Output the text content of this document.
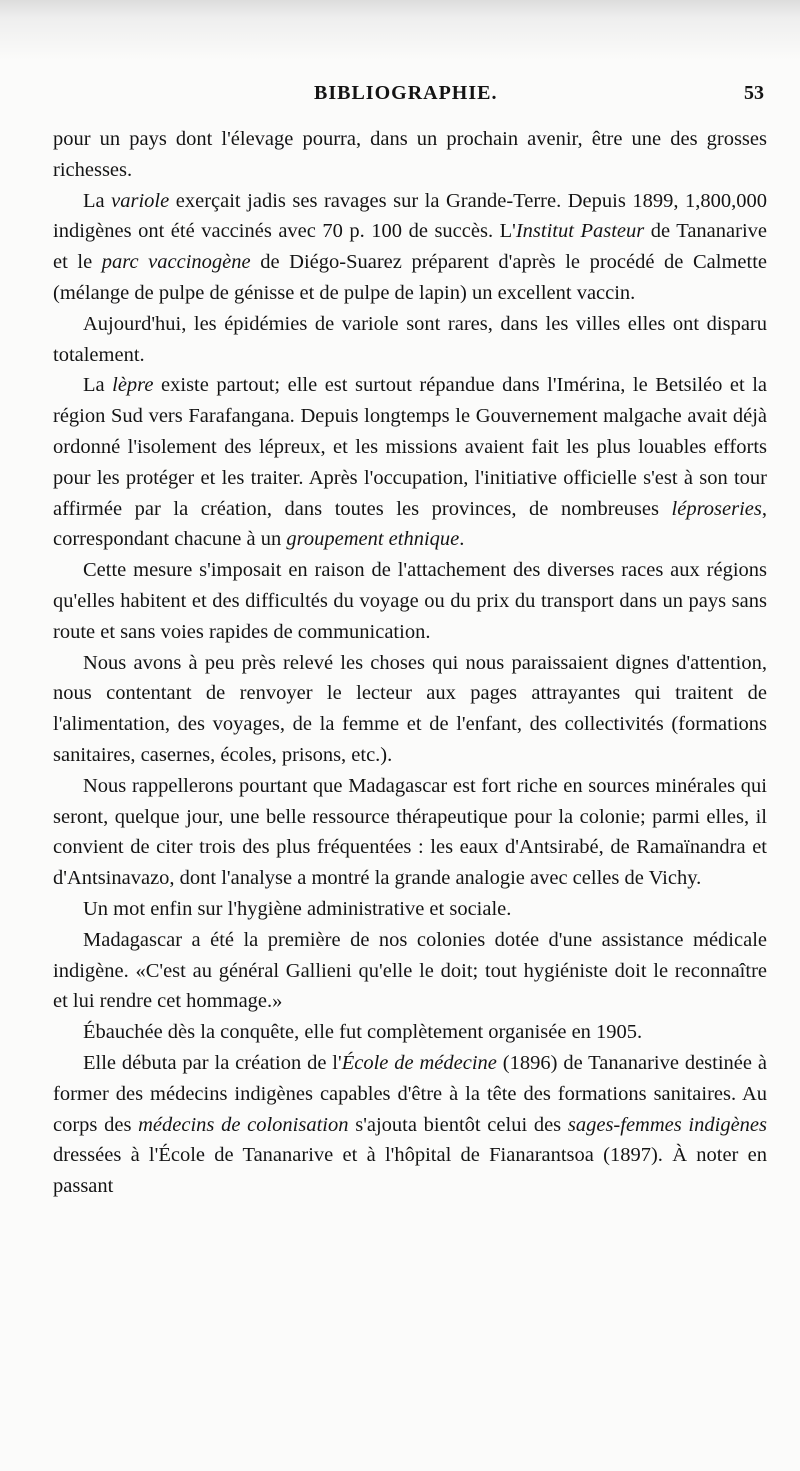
BIBLIOGRAPHIE.	53

pour un pays dont l'élevage pourra, dans un prochain avenir, être une des grosses richesses.

La variole exerçait jadis ses ravages sur la Grande-Terre. Depuis 1899, 1,800,000 indigènes ont été vaccinés avec 70 p. 100 de succès. L'Institut Pasteur de Tananarive et le parc vaccinogène de Diégo-Suarez préparent d'après le procédé de Calmette (mélange de pulpe de génisse et de pulpe de lapin) un excellent vaccin.

Aujourd'hui, les épidémies de variole sont rares, dans les villes elles ont disparu totalement.

La lèpre existe partout; elle est surtout répandue dans l'Imérina, le Betsiléo et la région Sud vers Farafangana. Depuis longtemps le Gouvernement malgache avait déjà ordonné l'isolement des lépreux, et les missions avaient fait les plus louables efforts pour les protéger et les traiter. Après l'occupation, l'initiative officielle s'est à son tour affirmée par la création, dans toutes les provinces, de nombreuses léproseries, correspondant chacune à un groupement ethnique.

Cette mesure s'imposait en raison de l'attachement des diverses races aux régions qu'elles habitent et des difficultés du voyage ou du prix du transport dans un pays sans route et sans voies rapides de communication.

Nous avons à peu près relevé les choses qui nous paraissaient dignes d'attention, nous contentant de renvoyer le lecteur aux pages attrayantes qui traitent de l'alimentation, des voyages, de la femme et de l'enfant, des collectivités (formations sanitaires, casernes, écoles, prisons, etc.).

Nous rappellerons pourtant que Madagascar est fort riche en sources minérales qui seront, quelque jour, une belle ressource thérapeutique pour la colonie; parmi elles, il convient de citer trois des plus fréquentées : les eaux d'Antsirabé, de Ramaïnandra et d'Antsinavazo, dont l'analyse a montré la grande analogie avec celles de Vichy.

Un mot enfin sur l'hygiène administrative et sociale.

Madagascar a été la première de nos colonies dotée d'une assistance médicale indigène. «C'est au général Gallieni qu'elle le doit; tout hygiéniste doit le reconnaître et lui rendre cet hommage.»

Ébauchée dès la conquête, elle fut complètement organisée en 1905.

Elle débuta par la création de l'École de médecine (1896) de Tananarive destinée à former des médecins indigènes capables d'être à la tête des formations sanitaires. Au corps des médecins de colonisation s'ajouta bientôt celui des sages-femmes indigènes dressées à l'École de Tananarive et à l'hôpital de Fianarantsoa (1897). À noter en passant
